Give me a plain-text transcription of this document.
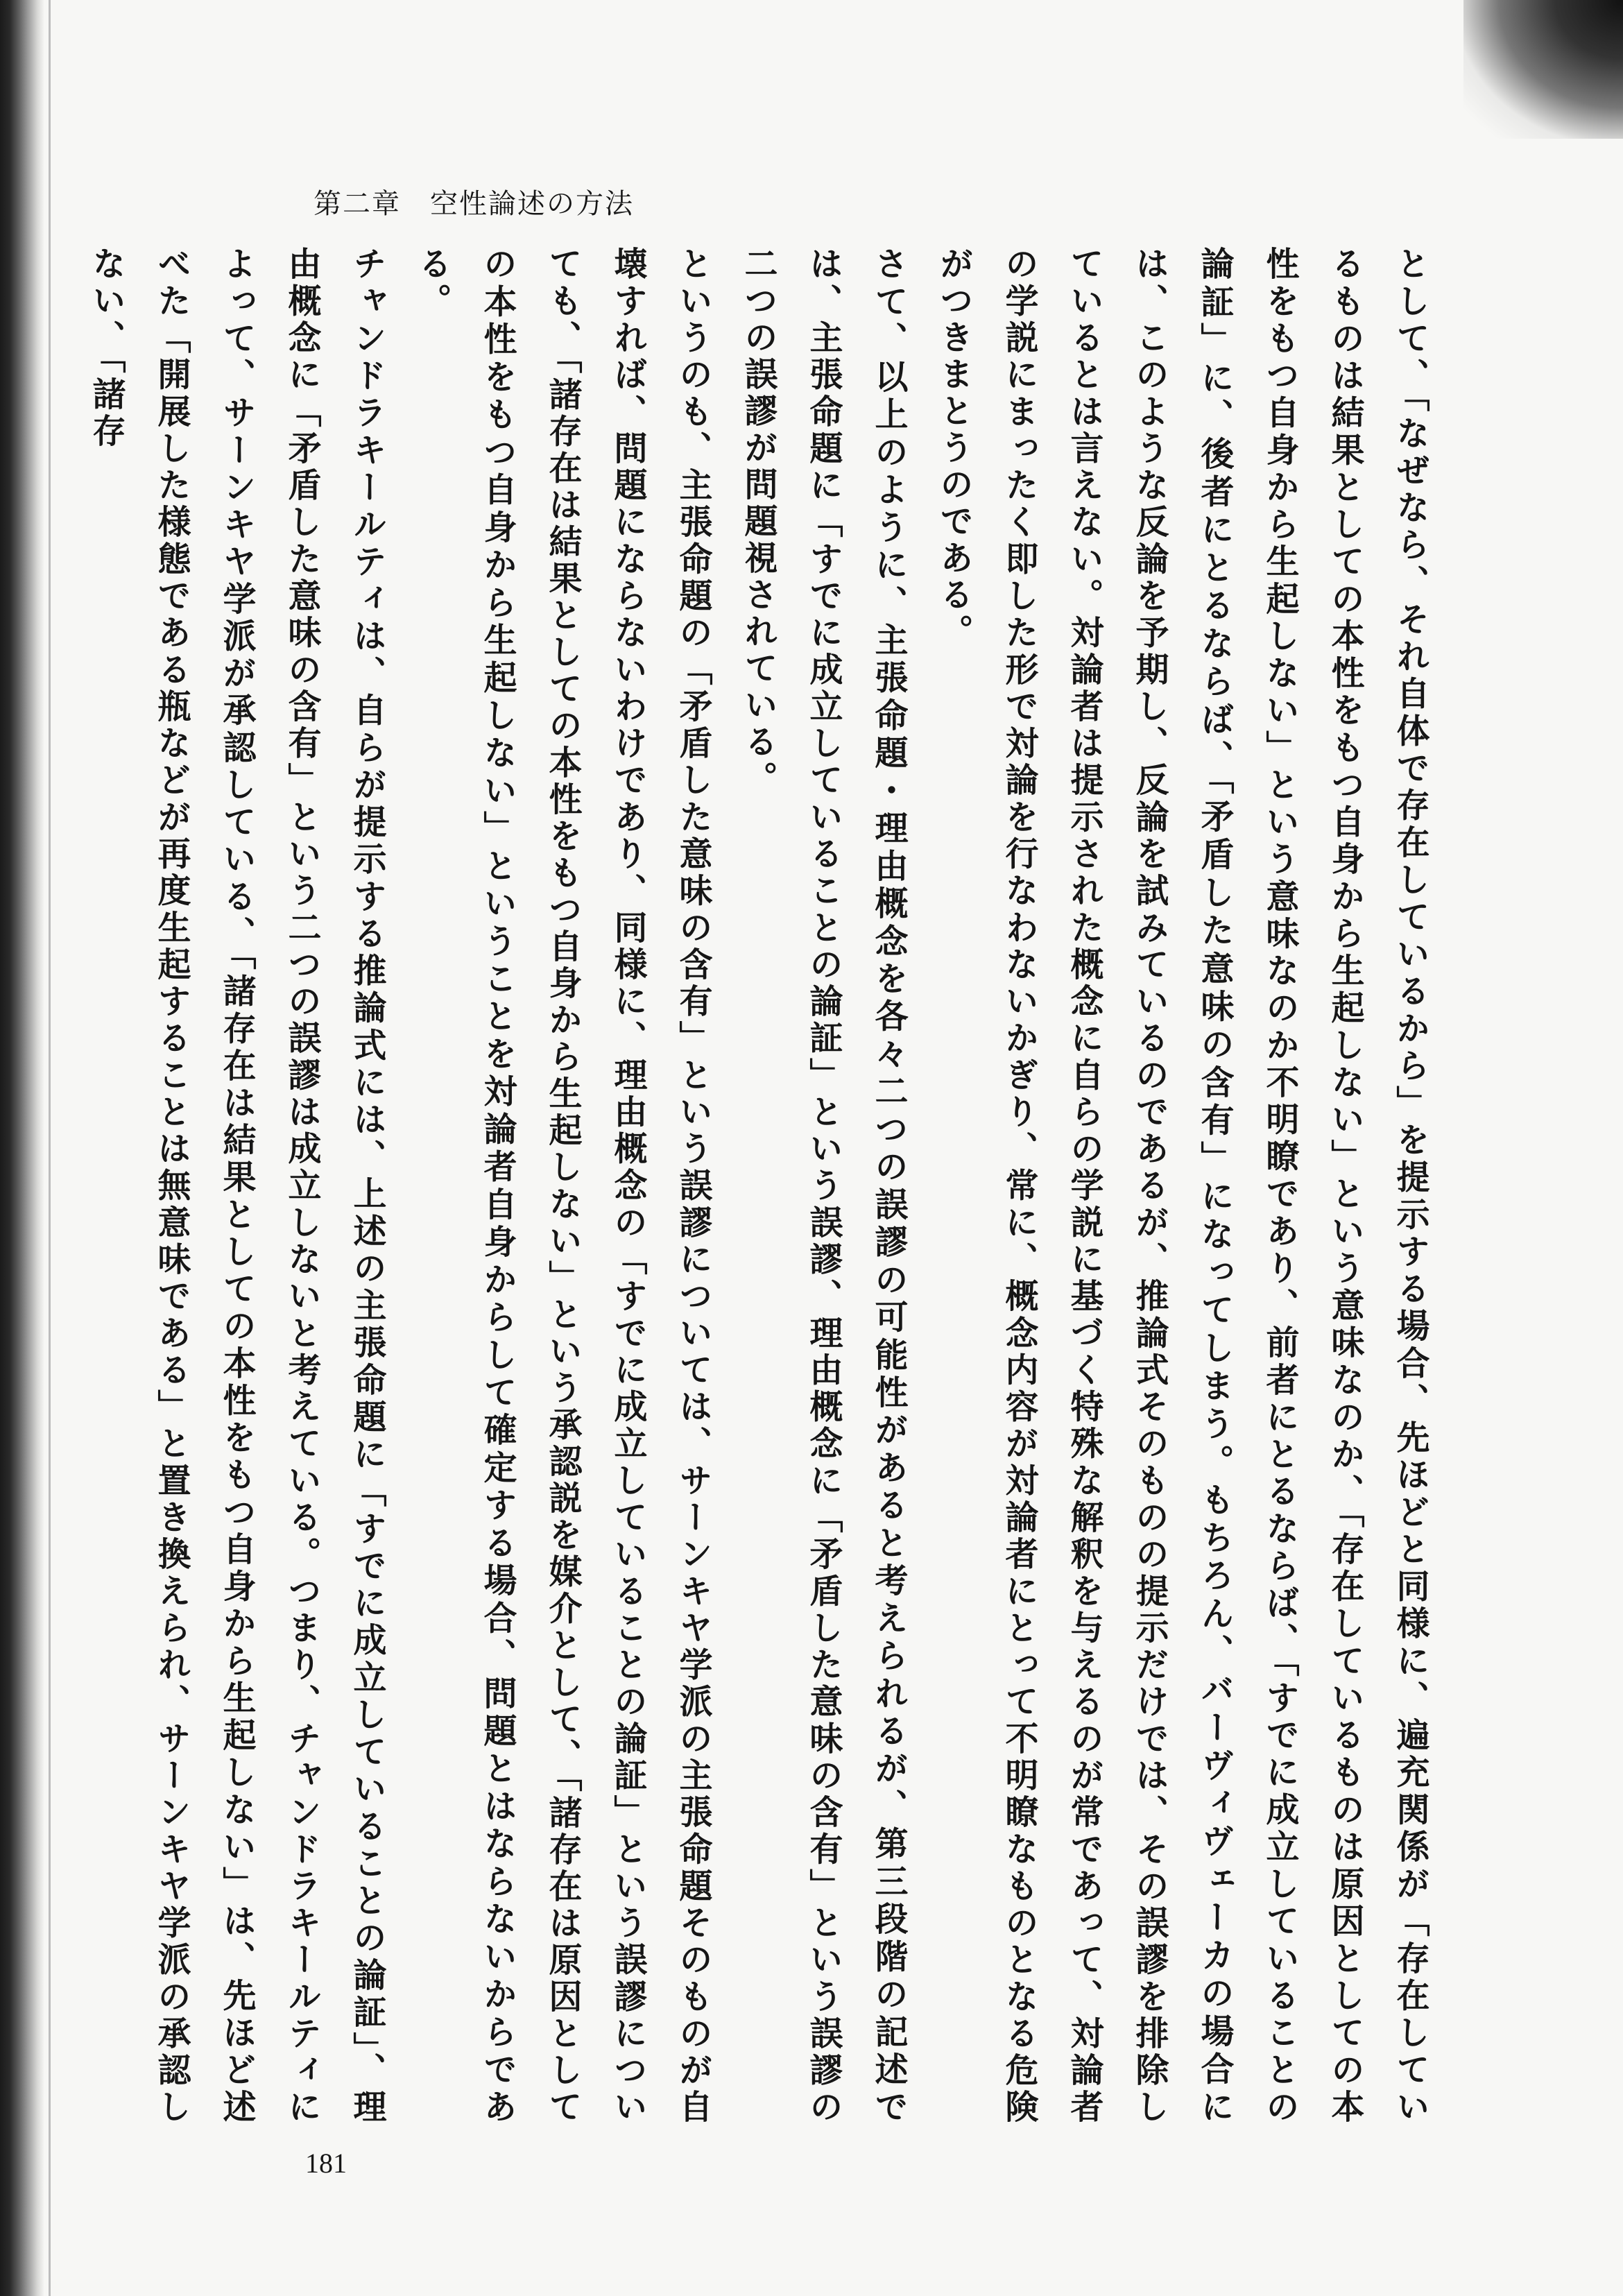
第二章　空性論述の方法

として、「なぜなら、それ自体で存在しているから」を提示する場合、先ほどと同様に、遍充関係が「存在しているものは結果としての本性をもつ自身から生起しない」という意味なのか、「存在しているものは原因としての本性をもつ自身から生起しない」という意味なのか不明瞭であり、前者にとるならば、「すでに成立していることの論証」に、後者にとるならば、「矛盾した意味の含有」になってしまう。もちろん、バーヴィヴェーカの場合には、このような反論を予期し、反論を試みているのであるが、推論式そのものの提示だけでは、その誤謬を排除しているとは言えない。対論者は提示された概念に自らの学説に基づく特殊な解釈を与えるのが常であって、対論者の学説にまったく即した形で対論を行なわないかぎり、常に、概念内容が対論者にとって不明瞭なものとなる危険がつきまとうのである。

さて、以上のように、主張命題・理由概念を各々二つの誤謬の可能性があると考えられるが、第三段階の記述では、主張命題に「すでに成立していることの論証」という誤謬、理由概念に「矛盾した意味の含有」という誤謬の二つの誤謬が問題視されている。

というのも、主張命題の「矛盾した意味の含有」という誤謬については、サーンキヤ学派の主張命題そのものが自壊すれば、問題にならないわけであり、同様に、理由概念の「すでに成立していることの論証」という誤謬についても、「諸存在は結果としての本性をもつ自身から生起しない」という承認説を媒介として、「諸存在は原因としての本性をもつ自身から生起しない」ということを対論者自身からして確定する場合、問題とはならないからである。

チャンドラキールティは、自らが提示する推論式には、上述の主張命題に「すでに成立していることの論証」、理由概念に「矛盾した意味の含有」という二つの誤謬は成立しないと考えている。つまり、チャンドラキールティによって、サーンキヤ学派が承認している、「諸存在は結果としての本性をもつ自身から生起しない」は、先ほど述べた「開展した様態である瓶などが再度生起することは無意味である」と置き換えられ、サーンキヤ学派の承認しない、「諸存

181
